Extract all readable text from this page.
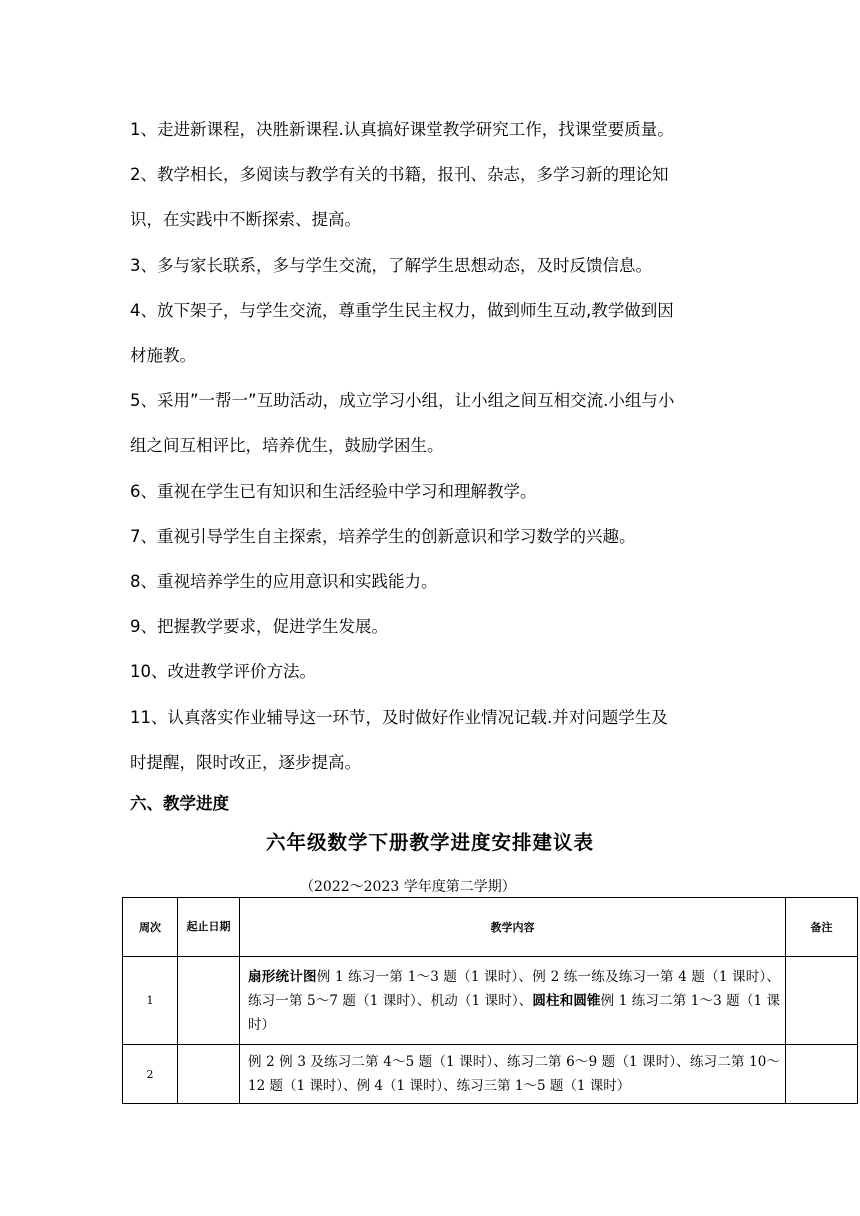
1、走进新课程，决胜新课程.认真搞好课堂教学研究工作，找课堂要质量。

2、教学相长，多阅读与教学有关的书籍，报刊、杂志，多学习新的理论知
识，在实践中不断探索、提高。

3、多与家长联系，多与学生交流，了解学生思想动态，及时反馈信息。

4、放下架子，与学生交流，尊重学生民主权力，做到师生互动,教学做到因
材施教。

5、采用”一帮一”互助活动，成立学习小组，让小组之间互相交流.小组与小
组之间互相评比，培养优生，鼓励学困生。

6、重视在学生已有知识和生活经验中学习和理解教学。

7、重视引导学生自主探索，培养学生的创新意识和学习数学的兴趣。

8、重视培养学生的应用意识和实践能力。

9、把握教学要求，促进学生发展。

10、改进教学评价方法。

11、认真落实作业辅导这一环节，及时做好作业情况记载.并对问题学生及
时提醒，限时改正，逐步提高。

六、教学进度

六年级数学下册教学进度安排建议表

（2022～2023 学年度第二学期）

周次	起止日期	教学内容	备注
1		扇形统计图例 1 练习一第 1～3 题（1 课时）、例 2 练一练及练习一第 4 题（1 课时）、练习一第 5～7 题（1 课时）、机动（1 课时）、圆柱和圆锥例 1 练习二第 1～3 题（1 课时）	
2		例 2 例 3 及练习二第 4～5 题（1 课时）、练习二第 6～9 题（1 课时）、练习二第 10～12 题（1 课时）、例 4（1 课时）、练习三第 1～5 题（1 课时）	
